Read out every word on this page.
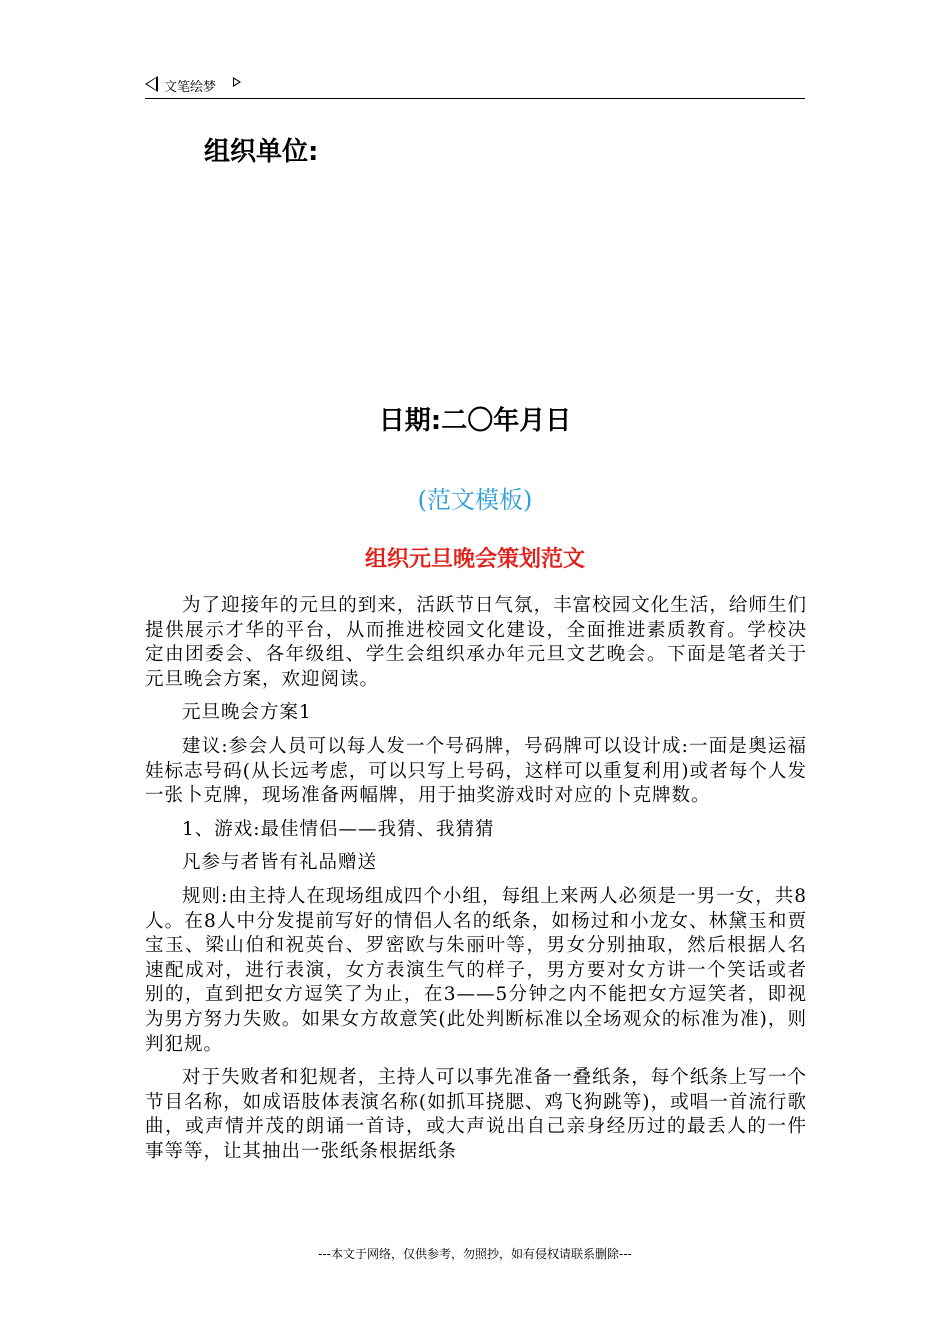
文笔绘梦
组织单位:
日期:二〇年月日
(范文模板)
组织元旦晚会策划范文

为了迎接年的元旦的到来，活跃节日气氛，丰富校园文化生活，给师生们提供展示才华的平台，从而推进校园文化建设，全面推进素质教育。学校决定由团委会、各年级组、学生会组织承办年元旦文艺晚会。下面是笔者关于元旦晚会方案，欢迎阅读。

元旦晚会方案1

建议:参会人员可以每人发一个号码牌，号码牌可以设计成:一面是奥运福娃标志号码(从长远考虑，可以只写上号码，这样可以重复利用)或者每个人发一张卜克牌，现场准备两幅牌，用于抽奖游戏时对应的卜克牌数。

1、游戏:最佳情侣——我猜、我猜猜

凡参与者皆有礼品赠送

规则:由主持人在现场组成四个小组，每组上来两人必须是一男一女，共8人。在8人中分发提前写好的情侣人名的纸条，如杨过和小龙女、林黛玉和贾宝玉、梁山伯和祝英台、罗密欧与朱丽叶等，男女分别抽取，然后根据人名速配成对，进行表演，女方表演生气的样子，男方要对女方讲一个笑话或者别的，直到把女方逗笑了为止，在3——5分钟之内不能把女方逗笑者，即视为男方努力失败。如果女方故意笑(此处判断标准以全场观众的标准为准)，则判犯规。

对于失败者和犯规者，主持人可以事先准备一叠纸条，每个纸条上写一个节目名称，如成语肢体表演名称(如抓耳挠腮、鸡飞狗跳等)，或唱一首流行歌曲，或声情并茂的朗诵一首诗，或大声说出自己亲身经历过的最丢人的一件事等等，让其抽出一张纸条根据纸条

---本文于网络，仅供参考，勿照抄，如有侵权请联系删除---
